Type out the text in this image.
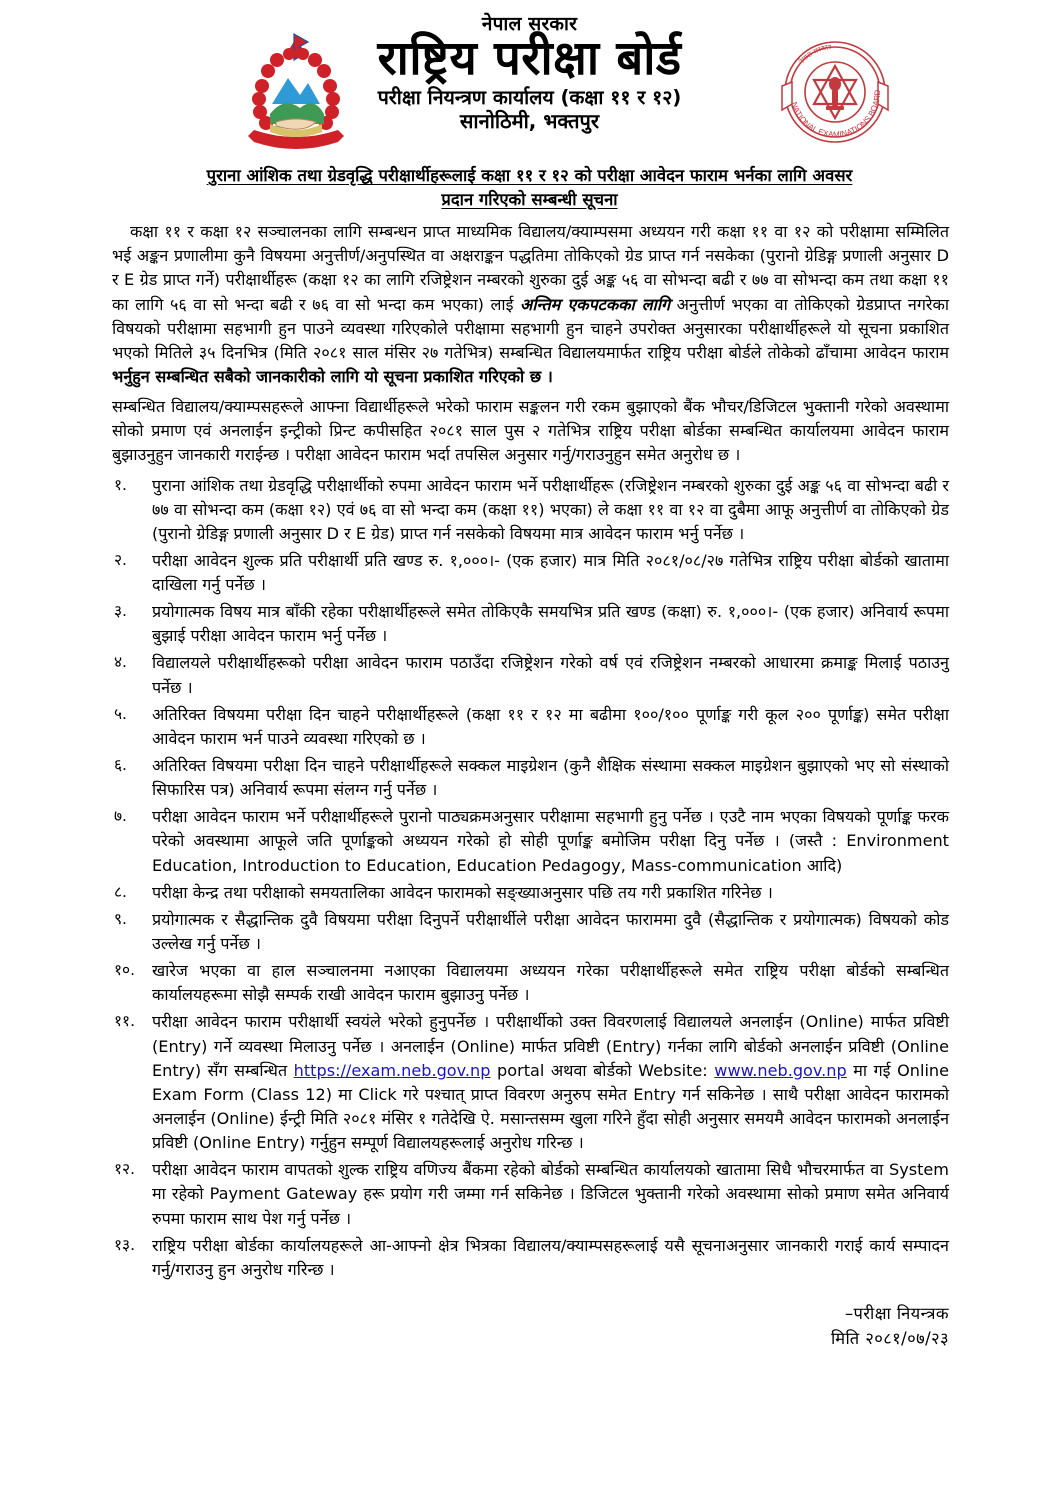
नेपाल सरकार
राष्ट्रिय परीक्षा बोर्ड
परीक्षा नियन्त्रण कार्यालय (कक्षा ११ र १२)
सानोठिमी, भक्तपुर
NATIONAL EXAMINATIONS BOARD
नेपाल सरकार
पुराना आंशिक तथा ग्रेडवृद्धि परीक्षार्थीहरूलाई कक्षा ११ र १२ को परीक्षा आवेदन फाराम भर्नका लागि अवसर
प्रदान गरिएको सम्बन्धी सूचना

कक्षा ११ र कक्षा १२ सञ्चालनका लागि सम्बन्धन प्राप्त माध्यमिक विद्यालय/क्याम्पसमा अध्ययन गरी कक्षा ११ वा १२ को परीक्षामा सम्मिलित भई अङ्कन प्रणालीमा कुनै विषयमा अनुत्तीर्ण/अनुपस्थित वा अक्षराङ्कन पद्धतिमा तोकिएको ग्रेड प्राप्त गर्न नसकेका (पुरानो ग्रेडिङ्ग प्रणाली अनुसार D र E ग्रेड प्राप्त गर्ने) परीक्षार्थीहरू (कक्षा १२ का लागि रजिष्ट्रेशन नम्बरको शुरुका दुई अङ्क ५६ वा सोभन्दा बढी र ७७ वा सोभन्दा कम तथा कक्षा ११ का लागि ५६ वा सो भन्दा बढी र ७६ वा सो भन्दा कम भएका) लाई अन्तिम एकपटकका लागि अनुत्तीर्ण भएका वा तोकिएको ग्रेडप्राप्त नगरेका विषयको परीक्षामा सहभागी हुन पाउने व्यवस्था गरिएकोले परीक्षामा सहभागी हुन चाहने उपरोक्त अनुसारका परीक्षार्थीहरूले यो सूचना प्रकाशित भएको मितिले ३५ दिनभित्र (मिति २०८१ साल मंसिर २७ गतेभित्र) सम्बन्धित विद्यालयमार्फत राष्ट्रिय परीक्षा बोर्डले तोकेको ढाँचामा आवेदन फाराम भर्नुहुन सम्बन्धित सबैको जानकारीको लागि यो सूचना प्रकाशित गरिएको छ ।

सम्बन्धित विद्यालय/क्याम्पसहरूले आफ्ना विद्यार्थीहरूले भरेको फाराम सङ्कलन गरी रकम बुझाएको बैंक भौचर/डिजिटल भुक्तानी गरेको अवस्थामा सोको प्रमाण एवं अनलाईन इन्ट्रीको प्रिन्ट कपीसहित २०८१ साल पुस २ गतेभित्र राष्ट्रिय परीक्षा बोर्डका सम्बन्धित कार्यालयमा आवेदन फाराम बुझाउनुहुन जानकारी गराईन्छ । परीक्षा आवेदन फाराम भर्दा तपसिल अनुसार गर्नु/गराउनुहुन समेत अनुरोध छ ।

१.	पुराना आंशिक तथा ग्रेडवृद्धि परीक्षार्थीको रुपमा आवेदन फाराम भर्ने परीक्षार्थीहरू (रजिष्ट्रेशन नम्बरको शुरुका दुई अङ्क ५६ वा सोभन्दा बढी र ७७ वा सोभन्दा कम (कक्षा १२) एवं ७६ वा सो भन्दा कम (कक्षा ११) भएका) ले कक्षा ११ वा १२ वा दुबैमा आफू अनुत्तीर्ण वा तोकिएको ग्रेड (पुरानो ग्रेडिङ्ग प्रणाली अनुसार D र E ग्रेड) प्राप्त गर्न नसकेको विषयमा मात्र आवेदन फाराम भर्नु पर्नेछ ।
२.	परीक्षा आवेदन शुल्क प्रति परीक्षार्थी प्रति खण्ड रु. १,०००।- (एक हजार) मात्र मिति २०८१/०८/२७ गतेभित्र राष्ट्रिय परीक्षा बोर्डको खातामा दाखिला गर्नु पर्नेछ ।
३.	प्रयोगात्मक विषय मात्र बाँकी रहेका परीक्षार्थीहरूले समेत तोकिएकै समयभित्र प्रति खण्ड (कक्षा) रु. १,०००।- (एक हजार) अनिवार्य रूपमा बुझाई परीक्षा आवेदन फाराम भर्नु पर्नेछ ।
४.	विद्यालयले परीक्षार्थीहरूको परीक्षा आवेदन फाराम पठाउँदा रजिष्ट्रेशन गरेको वर्ष एवं रजिष्ट्रेशन नम्बरको आधारमा क्रमाङ्क मिलाई पठाउनु पर्नेछ ।
५.	अतिरिक्त विषयमा परीक्षा दिन चाहने परीक्षार्थीहरूले (कक्षा ११ र १२ मा बढीमा १००/१०० पूर्णाङ्क गरी कूल २०० पूर्णाङ्क) समेत परीक्षा आवेदन फाराम भर्न पाउने व्यवस्था गरिएको छ ।
६.	अतिरिक्त विषयमा परीक्षा दिन चाहने परीक्षार्थीहरूले सक्कल माइग्रेशन (कुनै शैक्षिक संस्थामा सक्कल माइग्रेशन बुझाएको भए सो संस्थाको सिफारिस पत्र) अनिवार्य रूपमा संलग्न गर्नु पर्नेछ ।
७.	परीक्षा आवेदन फाराम भर्ने परीक्षार्थीहरूले पुरानो पाठ्यक्रमअनुसार परीक्षामा सहभागी हुनु पर्नेछ । एउटै नाम भएका विषयको पूर्णाङ्क फरक परेको अवस्थामा आफूले जति पूर्णाङ्कको अध्ययन गरेको हो सोही पूर्णाङ्क बमोजिम परीक्षा दिनु पर्नेछ । (जस्तै : Environment Education, Introduction to Education, Education Pedagogy, Mass-communication आदि)
८.	परीक्षा केन्द्र तथा परीक्षाको समयतालिका आवेदन फारामको सङ्ख्याअनुसार पछि तय गरी प्रकाशित गरिनेछ ।
९.	प्रयोगात्मक र सैद्धान्तिक दुवै विषयमा परीक्षा दिनुपर्ने परीक्षार्थीले परीक्षा आवेदन फाराममा दुवै (सैद्धान्तिक र प्रयोगात्मक) विषयको कोड उल्लेख गर्नु पर्नेछ ।
१०.	खारेज भएका वा हाल सञ्चालनमा नआएका विद्यालयमा अध्ययन गरेका परीक्षार्थीहरूले समेत राष्ट्रिय परीक्षा बोर्डको सम्बन्धित कार्यालयहरूमा सोझै सम्पर्क राखी आवेदन फाराम बुझाउनु पर्नेछ ।
११.	परीक्षा आवेदन फाराम परीक्षार्थी स्वयंले भरेको हुनुपर्नेछ । परीक्षार्थीको उक्त विवरणलाई विद्यालयले अनलाईन (Online) मार्फत प्रविष्टी (Entry) गर्ने व्यवस्था मिलाउनु पर्नेछ । अनलाईन (Online) मार्फत प्रविष्टी (Entry) गर्नका लागि बोर्डको अनलाईन प्रविष्टी (Online Entry) सँग सम्बन्धित https://exam.neb.gov.np portal अथवा बोर्डको Website: www.neb.gov.np मा गई Online Exam Form (Class 12) मा Click गरे पश्चात् प्राप्त विवरण अनुरुप समेत Entry गर्न सकिनेछ । साथै परीक्षा आवेदन फारामको अनलाईन (Online) ईन्ट्री मिति २०८१ मंसिर १ गतेदेखि ऐ. मसान्तसम्म खुला गरिने हुँदा सोही अनुसार समयमै आवेदन फारामको अनलाईन प्रविष्टी (Online Entry) गर्नुहुन सम्पूर्ण विद्यालयहरूलाई अनुरोध गरिन्छ ।
१२.	परीक्षा आवेदन फाराम वापतको शुल्क राष्ट्रिय वणिज्य बैंकमा रहेको बोर्डको सम्बन्धित कार्यालयको खातामा सिधै भौचरमार्फत वा System मा रहेको Payment Gateway हरू प्रयोग गरी जम्मा गर्न सकिनेछ । डिजिटल भुक्तानी गरेको अवस्थामा सोको प्रमाण समेत अनिवार्य रुपमा फाराम साथ पेश गर्नु पर्नेछ ।
१३.	राष्ट्रिय परीक्षा बोर्डका कार्यालयहरूले आ-आफ्नो क्षेत्र भित्रका विद्यालय/क्याम्पसहरूलाई यसै सूचनाअनुसार जानकारी गराई कार्य सम्पादन गर्नु/गराउनु हुन अनुरोध गरिन्छ ।
–परीक्षा नियन्त्रक
मिति २०८१/०७/२३
